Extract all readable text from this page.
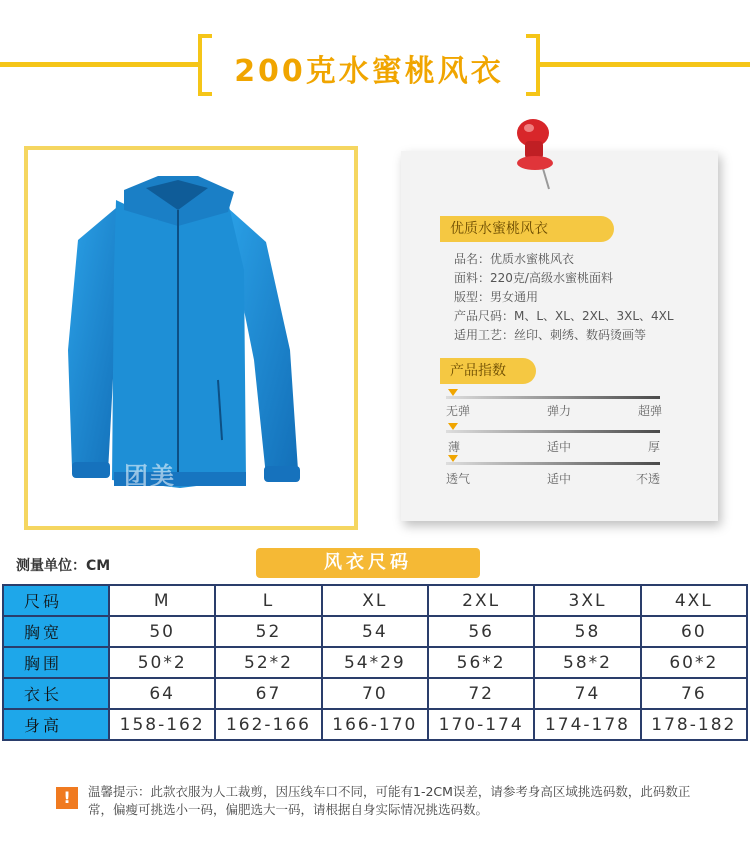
200克水蜜桃风衣
团美
优质水蜜桃风衣
品名：优质水蜜桃风衣
面料：220克/高级水蜜桃面料
版型：男女通用
产品尺码：M、L、XL、2XL、3XL、4XL
适用工艺：丝印、刺绣、数码烫画等
产品指数
无弹	弹力	超弹
薄	适中	厚
透气	适中	不透
测量单位：CM	风衣尺码
尺码	M	L	XL	2XL	3XL	4XL
胸宽	50	52	54	56	58	60
胸围	50*2	52*2	54*29	56*2	58*2	60*2
衣长	64	67	70	72	74	76
身高	158-162	162-166	166-170	170-174	174-178	178-182
!	温馨提示：此款衣服为人工裁剪，因压线车口不同，可能有1-2CM误差，请参考身高区域挑选码数，此码数正常，偏瘦可挑选小一码，偏肥选大一码，请根据自身实际情况挑选码数。
